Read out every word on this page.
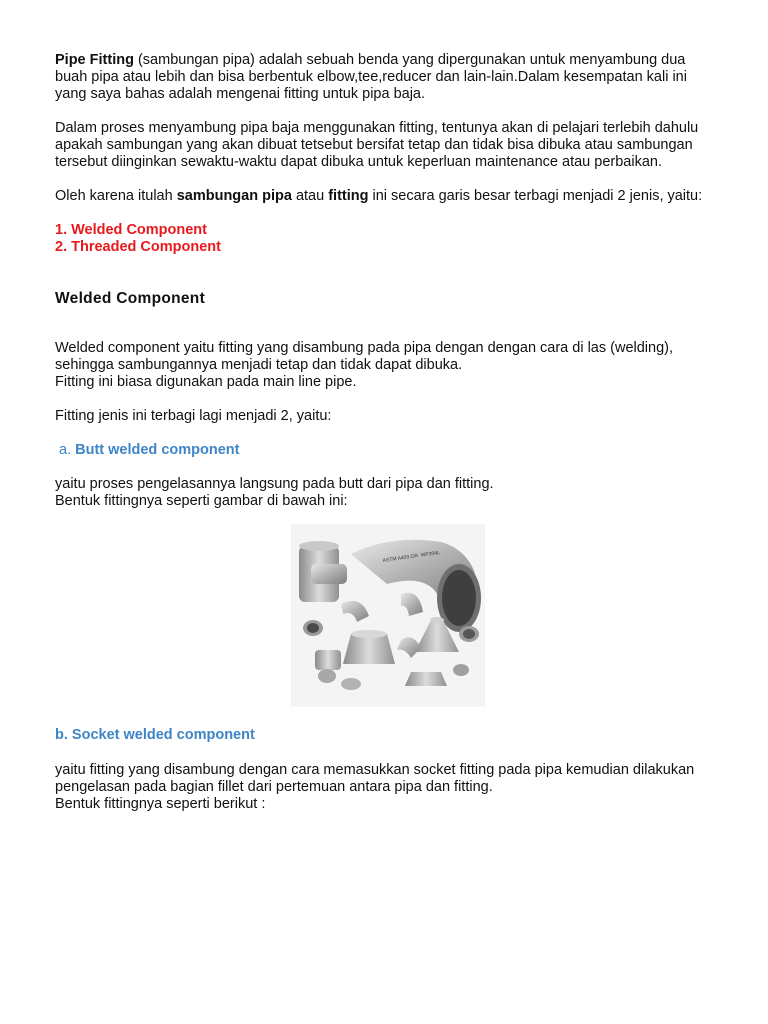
Pipe Fitting (sambungan pipa) adalah sebuah benda yang dipergunakan untuk menyambung dua buah pipa atau lebih dan bisa berbentuk elbow,tee,reducer dan lain-lain.Dalam kesempatan kali ini yang saya bahas adalah mengenai fitting untuk pipa baja.

Dalam proses menyambung pipa baja menggunakan fitting, tentunya akan di pelajari terlebih dahulu apakah sambungan yang akan dibuat tetsebut bersifat tetap dan tidak bisa dibuka atau sambungan tersebut diinginkan sewaktu-waktu dapat dibuka untuk keperluan maintenance atau perbaikan.

Oleh karena itulah sambungan pipa atau fitting ini secara garis besar terbagi menjadi 2 jenis, yaitu:

1. Welded Component

2. Threaded Component

Welded Component

Welded component yaitu fitting yang disambung pada pipa dengan dengan cara di las (welding), sehingga sambungannya menjadi tetap dan tidak dapat dibuka.

Fitting ini biasa digunakan pada main line pipe.

Fitting jenis ini terbagi lagi menjadi 2, yaitu:

a. Butt welded component

yaitu proses pengelasannya langsung pada butt dari pipa dan fitting.

Bentuk fittingnya seperti gambar di bawah ini:

ASTM A403 GR. WP304L

b. Socket welded component

yaitu fitting yang disambung dengan cara memasukkan socket fitting pada pipa kemudian dilakukan pengelasan pada bagian fillet dari pertemuan antara pipa dan fitting.

Bentuk fittingnya seperti berikut :
